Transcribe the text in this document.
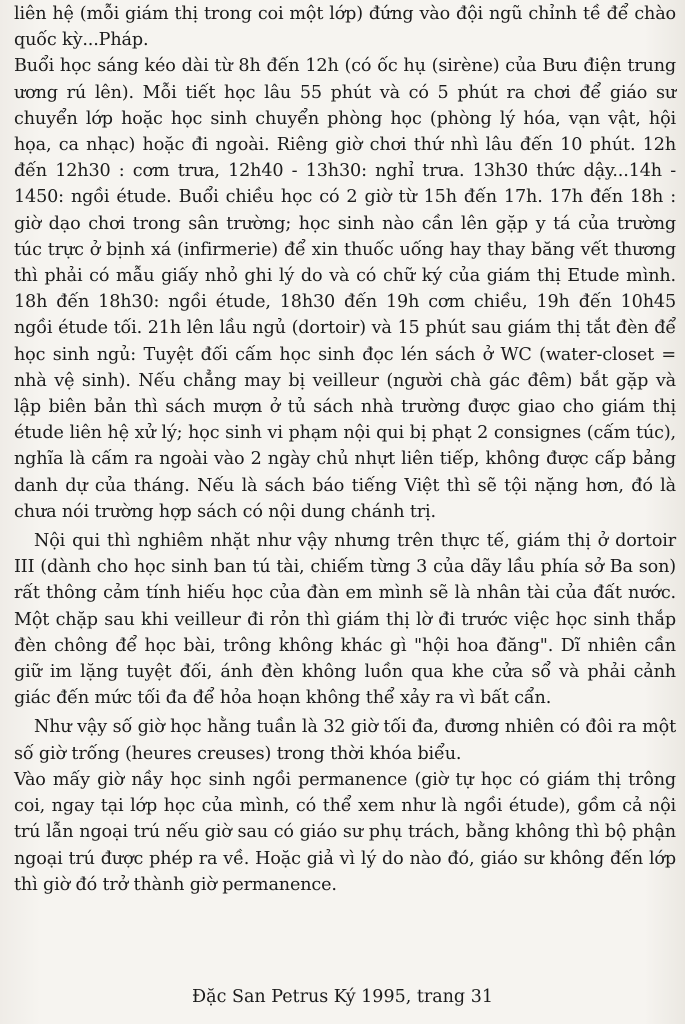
liên hệ (mỗi giám thị trong coi một lớp) đứng vào đội ngũ chỉnh tề để chào quốc kỳ...Pháp.

Buổi học sáng kéo dài từ 8h đến 12h (có ốc hụ (sirène) của Bưu điện trung ương rú lên). Mỗi tiết học lâu 55 phút và có 5 phút ra chơi để giáo sư chuyển lớp hoặc học sinh chuyển phòng học (phòng lý hóa, vạn vật, hội họa, ca nhạc) hoặc đi ngoài. Riêng giờ chơi thứ nhì lâu đến 10 phút. 12h đến 12h30 : cơm trưa, 12h40 - 13h30: nghỉ trưa. 13h30 thức dậy...14h - 1450: ngồi étude. Buổi chiều học có 2 giờ từ 15h đến 17h. 17h đến 18h : giờ dạo chơi trong sân trường; học sinh nào cần lên gặp y tá của trường túc trực ở bịnh xá (infirmerie) để xin thuốc uống hay thay băng vết thương thì phải có mẫu giấy nhỏ ghi lý do và có chữ ký của giám thị Etude mình. 18h đến 18h30: ngồi étude, 18h30 đến 19h cơm chiều, 19h đến 10h45 ngồi étude tối. 21h lên lầu ngủ (dortoir) và 15 phút sau giám thị tắt đèn để học sinh ngủ: Tuyệt đối cấm học sinh đọc lén sách ở WC (water-closet = nhà vệ sinh). Nếu chẳng may bị veilleur (người chà gác đêm) bắt gặp và lập biên bản thì sách mượn ở tủ sách nhà trường được giao cho giám thị étude liên hệ xử lý; học sinh vi phạm nội qui bị phạt 2 consignes (cấm túc), nghĩa là cấm ra ngoài vào 2 ngày chủ nhựt liên tiếp, không được cấp bảng danh dự của tháng. Nếu là sách báo tiếng Việt thì sẽ tội nặng hơn, đó là chưa nói trường hợp sách có nội dung chánh trị.

Nội qui thì nghiêm nhặt như vậy nhưng trên thực tế, giám thị ở dortoir III (dành cho học sinh ban tú tài, chiếm từng 3 của dãy lầu phía sở Ba son) rất thông cảm tính hiếu học của đàn em mình sẽ là nhân tài của đất nước. Một chặp sau khi veilleur đi rỏn thì giám thị lờ đi trước việc học sinh thắp đèn chông để học bài, trông không khác gì "hội hoa đăng". Dĩ nhiên cần giữ im lặng tuyệt đối, ánh đèn không luồn qua khe cửa sổ và phải cảnh giác đến mức tối đa để hỏa hoạn không thể xảy ra vì bất cẩn.

Như vậy số giờ học hằng tuần là 32 giờ tối đa, đương nhiên có đôi ra một số giờ trống (heures creuses) trong thời khóa biểu.

Vào mấy giờ nầy học sinh ngồi permanence (giờ tự học có giám thị trông coi, ngay tại lớp học của mình, có thể xem như là ngồi étude), gồm cả nội trú lẫn ngoại trú nếu giờ sau có giáo sư phụ trách, bằng không thì bộ phận ngoại trú được phép ra về. Hoặc giả vì lý do nào đó, giáo sư không đến lớp thì giờ đó trở thành giờ permanence.

Đặc San Petrus Ký 1995, trang 31
